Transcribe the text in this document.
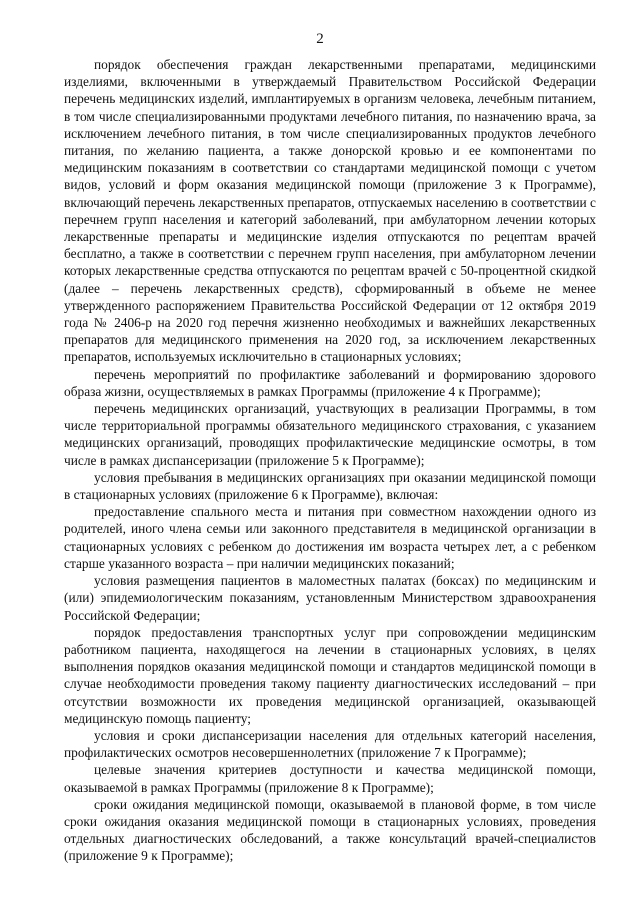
2

порядок обеспечения граждан лекарственными препаратами, медицинскими изделиями, включенными в утверждаемый Правительством Российской Федерации перечень медицинских изделий, имплантируемых в организм человека, лечебным питанием, в том числе специализированными продуктами лечебного питания, по назначению врача, за исключением лечебного питания, в том числе специализированных продуктов лечебного питания, по желанию пациента, а также донорской кровью и ее компонентами по медицинским показаниям в соответствии со стандартами медицинской помощи с учетом видов, условий и форм оказания медицинской помощи (приложение 3 к Программе), включающий перечень лекарственных препаратов, отпускаемых населению в соответствии с перечнем групп населения и категорий заболеваний, при амбулаторном лечении которых лекарственные препараты и медицинские изделия отпускаются по рецептам врачей бесплатно, а также в соответствии с перечнем групп населения, при амбулаторном лечении которых лекарственные средства отпускаются по рецептам врачей с 50-процентной скидкой (далее – перечень лекарственных средств), сформированный в объеме не менее утвержденного распоряжением Правительства Российской Федерации от 12 октября 2019 года № 2406-р на 2020 год перечня жизненно необходимых и важнейших лекарственных препаратов для медицинского применения на 2020 год, за исключением лекарственных препаратов, используемых исключительно в стационарных условиях;

перечень мероприятий по профилактике заболеваний и формированию здорового образа жизни, осуществляемых в рамках Программы (приложение 4 к Программе);

перечень медицинских организаций, участвующих в реализации Программы, в том числе территориальной программы обязательного медицинского страхования, с указанием медицинских организаций, проводящих профилактические медицинские осмотры, в том числе в рамках диспансеризации (приложение 5 к Программе);

условия пребывания в медицинских организациях при оказании медицинской помощи в стационарных условиях (приложение 6 к Программе), включая:

предоставление спального места и питания при совместном нахождении одного из родителей, иного члена семьи или законного представителя в медицинской организации в стационарных условиях с ребенком до достижения им возраста четырех лет, а с ребенком старше указанного возраста – при наличии медицинских показаний;

условия размещения пациентов в маломестных палатах (боксах) по медицинским и (или) эпидемиологическим показаниям, установленным Министерством здравоохранения Российской Федерации;

порядок предоставления транспортных услуг при сопровождении медицинским работником пациента, находящегося на лечении в стационарных условиях, в целях выполнения порядков оказания медицинской помощи и стандартов медицинской помощи в случае необходимости проведения такому пациенту диагностических исследований – при отсутствии возможности их проведения медицинской организацией, оказывающей медицинскую помощь пациенту;

условия и сроки диспансеризации населения для отдельных категорий населения, профилактических осмотров несовершеннолетних (приложение 7 к Программе);

целевые значения критериев доступности и качества медицинской помощи, оказываемой в рамках Программы (приложение 8 к Программе);

сроки ожидания медицинской помощи, оказываемой в плановой форме, в том числе сроки ожидания оказания медицинской помощи в стационарных условиях, проведения отдельных диагностических обследований, а также консультаций врачей-специалистов (приложение 9 к Программе);
